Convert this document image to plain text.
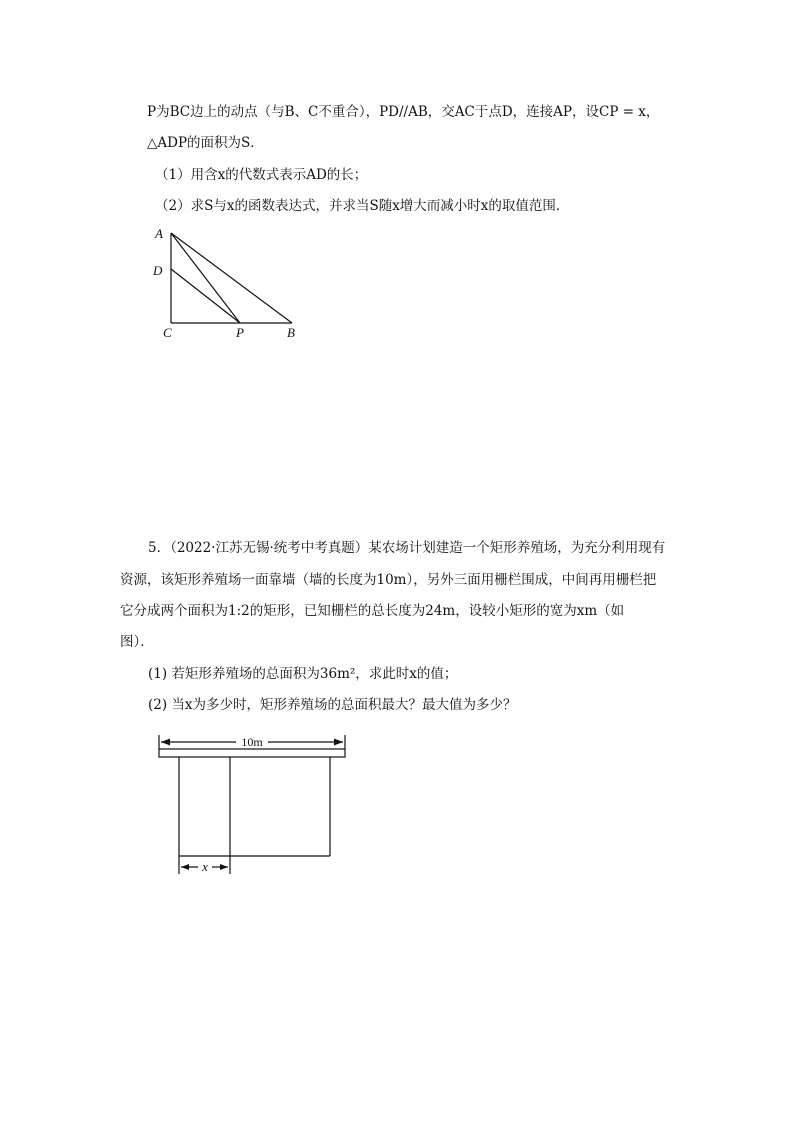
P为BC边上的动点（与B、C不重合），PD//AB，交AC于点D，连接AP，设CP = x，
△ADP的面积为S．
（1）用含x的代数式表示AD的长；
（2）求S与x的函数表达式，并求当S随x增大而减小时x的取值范围．
A
D
C	P	B
5．（2022·江苏无锡·统考中考真题）某农场计划建造一个矩形养殖场，为充分利用现有
资源，该矩形养殖场一面靠墙（墙的长度为10m），另外三面用栅栏围成，中间再用栅栏把
它分成两个面积为1:2的矩形，已知栅栏的总长度为24m，设较小矩形的宽为xm（如
图）．
(1) 若矩形养殖场的总面积为36m²，求此时x的值；
(2) 当x为多少时，矩形养殖场的总面积最大？最大值为多少？
10m
x
